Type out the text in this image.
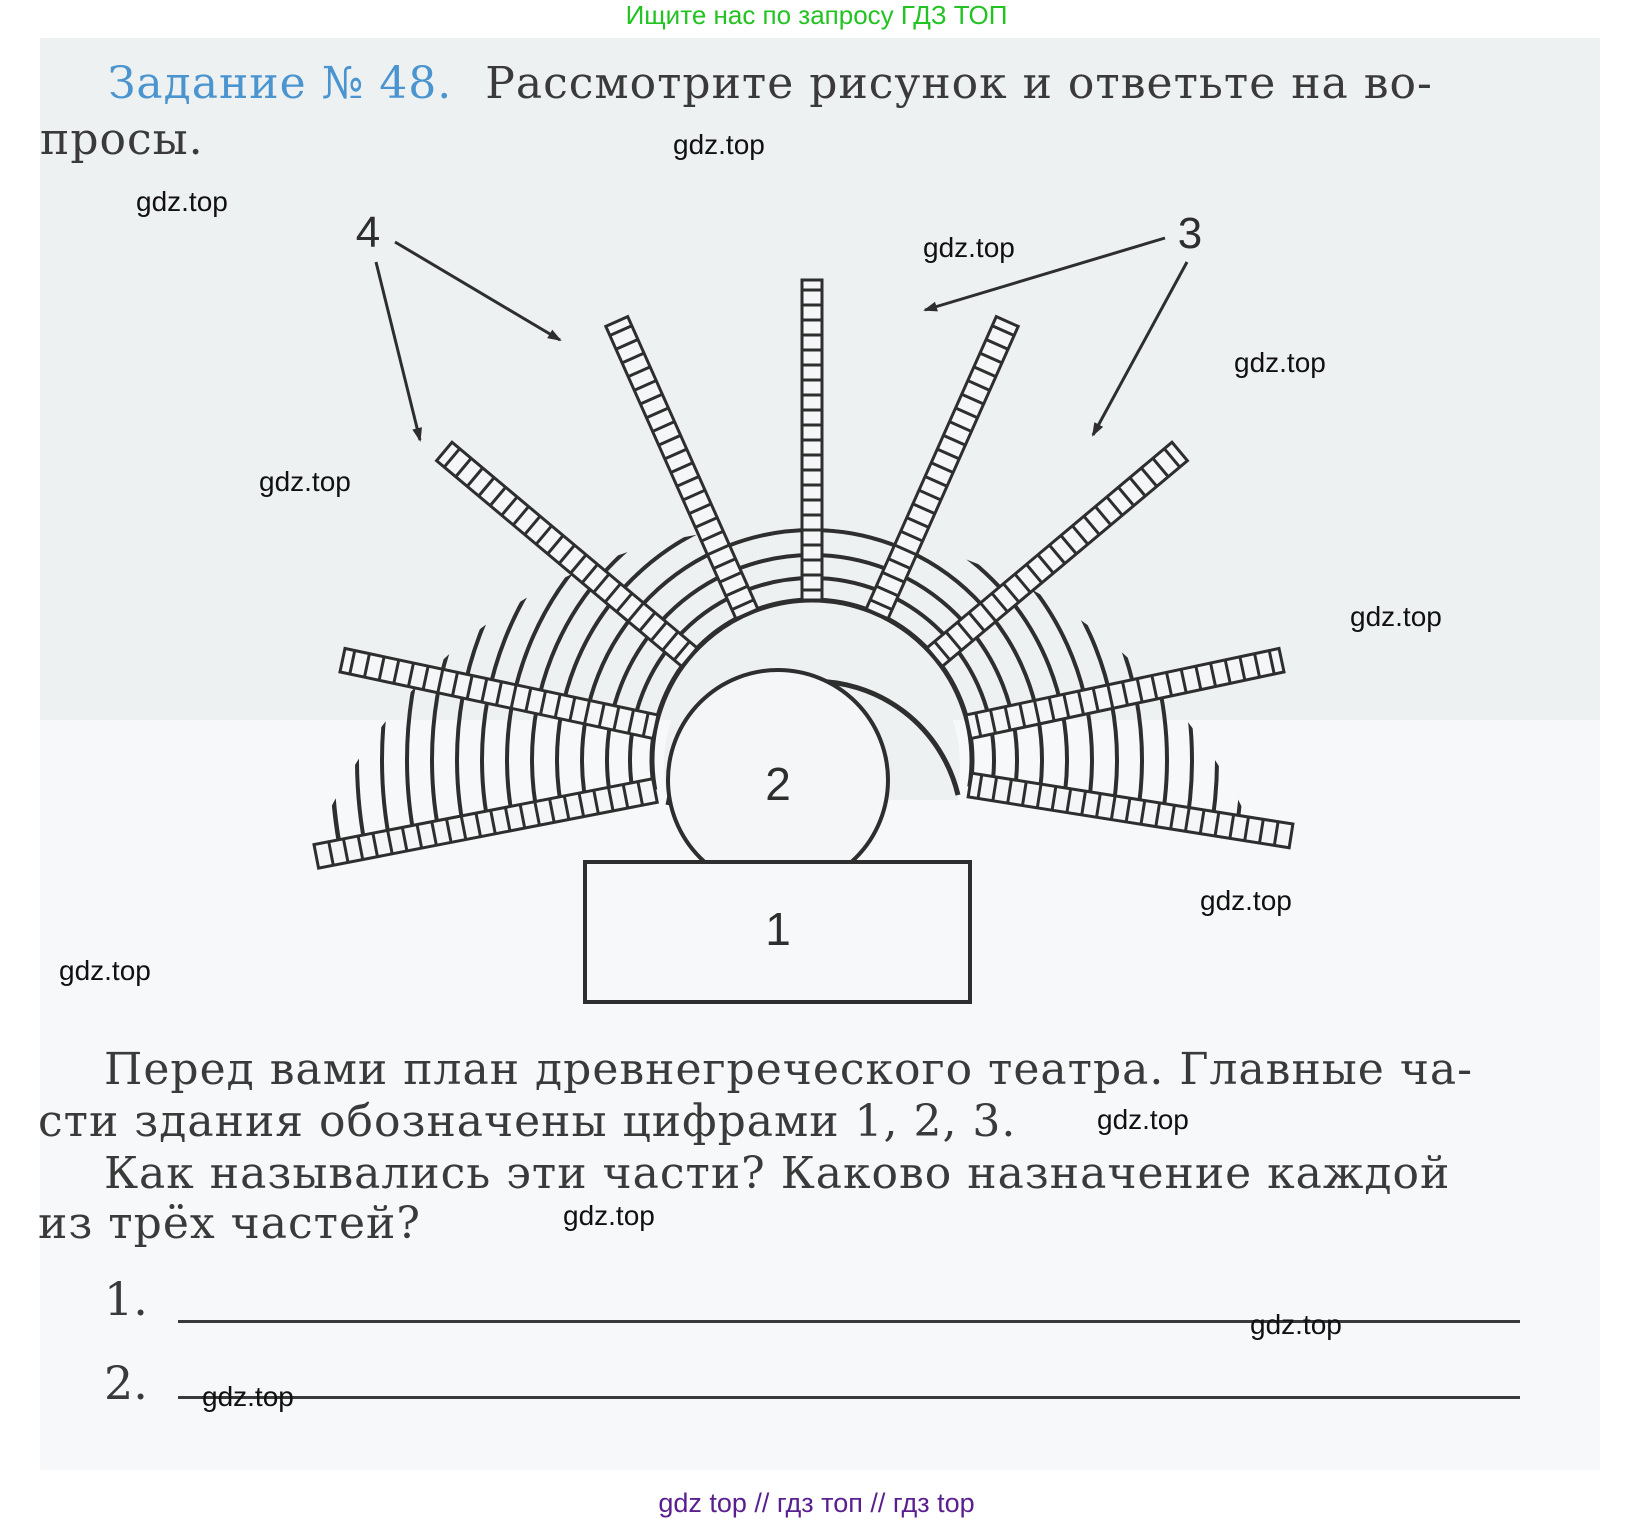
Ищите нас по запросу ГДЗ ТОП
Задание № 48. Рассмотрите рисунок и ответьте на во-
просы.
2
1
4	3
Перед вами план древнегреческого театра. Главные ча-
сти здания обозначены цифрами 1, 2, 3.
Как назывались эти части? Каково назначение каждой
из трёх частей?
1.
2.
gdz.top
gdz.top
gdz.top
gdz.top
gdz.top
gdz.top
gdz.top
gdz.top
gdz.top
gdz.top
gdz.top
gdz.top
gdz top // гдз топ // гдз top
